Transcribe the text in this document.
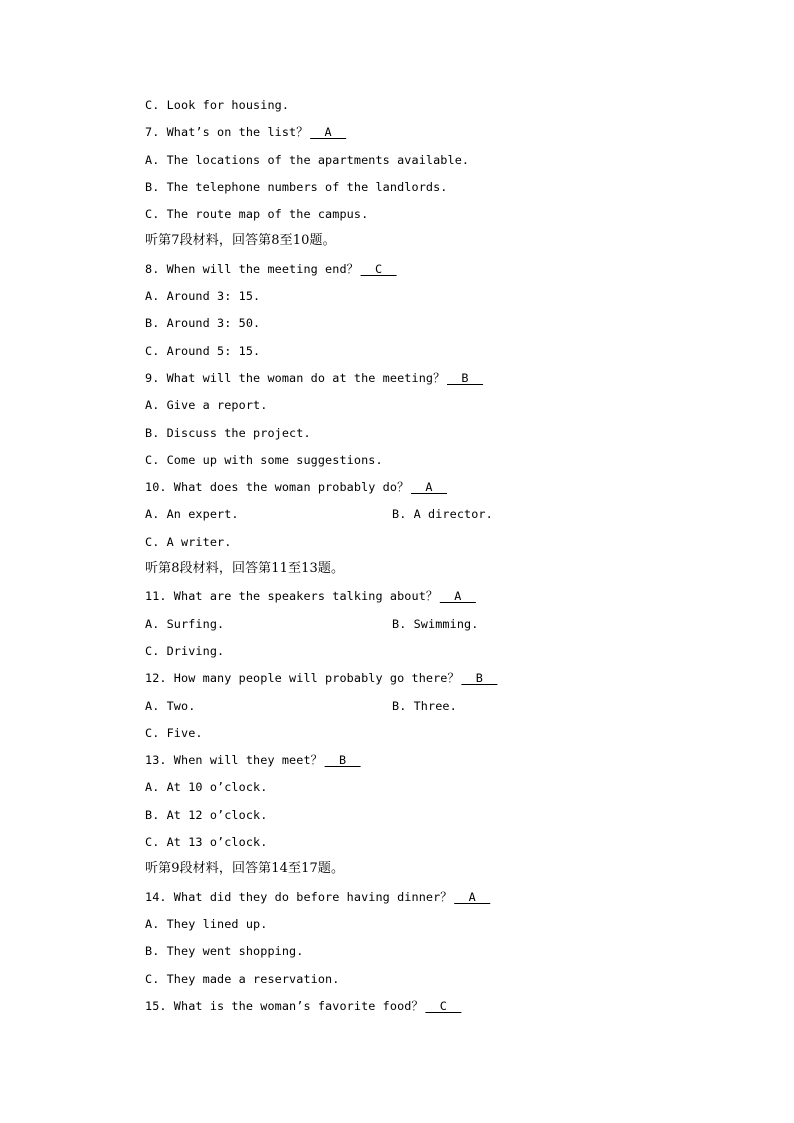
C. Look for housing.
7. What’s on the list？  A
A. The locations of the apartments available.
B. The telephone numbers of the landlords.
C. The route map of the campus.
听第7段材料，回答第8至10题。
8. When will the meeting end？  C
A. Around 3: 15.
B. Around 3: 50.
C. Around 5: 15.
9. What will the woman do at the meeting？  B
A. Give a report.
B. Discuss the project.
C. Come up with some suggestions.
10. What does the woman probably do？  A
A. An expert.	B. A director.
C. A writer.
听第8段材料，回答第11至13题。
11. What are the speakers talking about？  A
A. Surfing.	B. Swimming.
C. Driving.
12. How many people will probably go there？  B
A. Two.	B. Three.
C. Five.
13. When will they meet？  B
A. At 10 o’clock.
B. At 12 o’clock.
C. At 13 o’clock.
听第9段材料，回答第14至17题。
14. What did they do before having dinner？  A
A. They lined up.
B. They went shopping.
C. They made a reservation.
15. What is the woman’s favorite food？  C
